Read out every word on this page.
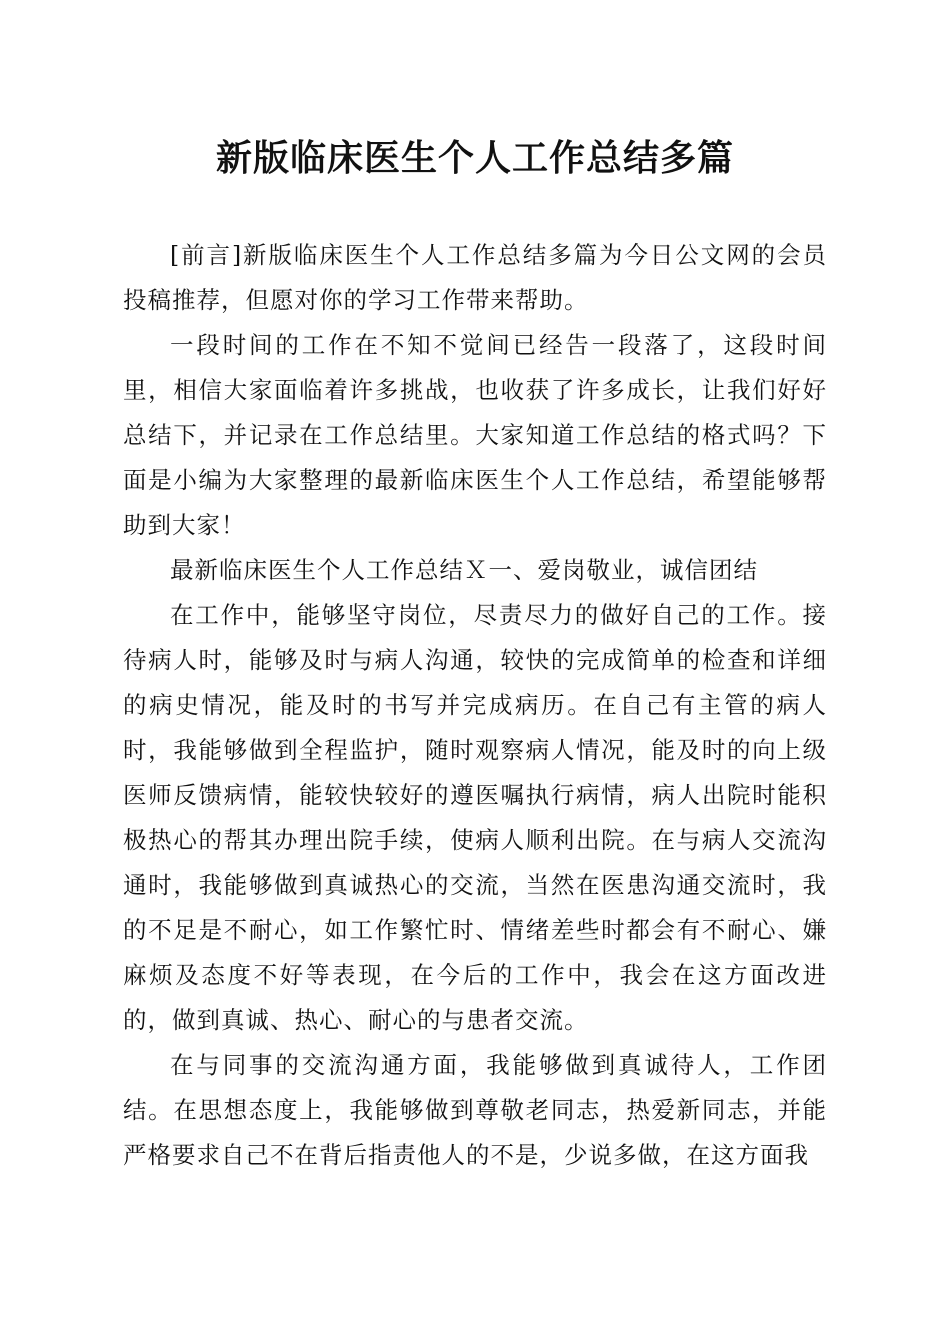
新版临床医生个人工作总结多篇

[前言]新版临床医生个人工作总结多篇为今日公文网的会员投稿推荐，但愿对你的学习工作带来帮助。

一段时间的工作在不知不觉间已经告一段落了，这段时间里，相信大家面临着许多挑战，也收获了许多成长，让我们好好总结下，并记录在工作总结里。大家知道工作总结的格式吗？下面是小编为大家整理的最新临床医生个人工作总结，希望能够帮助到大家！

最新临床医生个人工作总结Ｘ一、爱岗敬业，诚信团结

在工作中，能够坚守岗位，尽责尽力的做好自己的工作。接待病人时，能够及时与病人沟通，较快的完成简单的检查和详细的病史情况，能及时的书写并完成病历。在自己有主管的病人时，我能够做到全程监护，随时观察病人情况，能及时的向上级医师反馈病情，能较快较好的遵医嘱执行病情，病人出院时能积极热心的帮其办理出院手续，使病人顺利出院。在与病人交流沟通时，我能够做到真诚热心的交流，当然在医患沟通交流时，我的不足是不耐心，如工作繁忙时、情绪差些时都会有不耐心、嫌麻烦及态度不好等表现，在今后的工作中，我会在这方面改进的，做到真诚、热心、耐心的与患者交流。

在与同事的交流沟通方面，我能够做到真诚待人，工作团结。在思想态度上，我能够做到尊敬老同志，热爱新同志，并能严格要求自己不在背后指责他人的不是，少说多做，在这方面我
